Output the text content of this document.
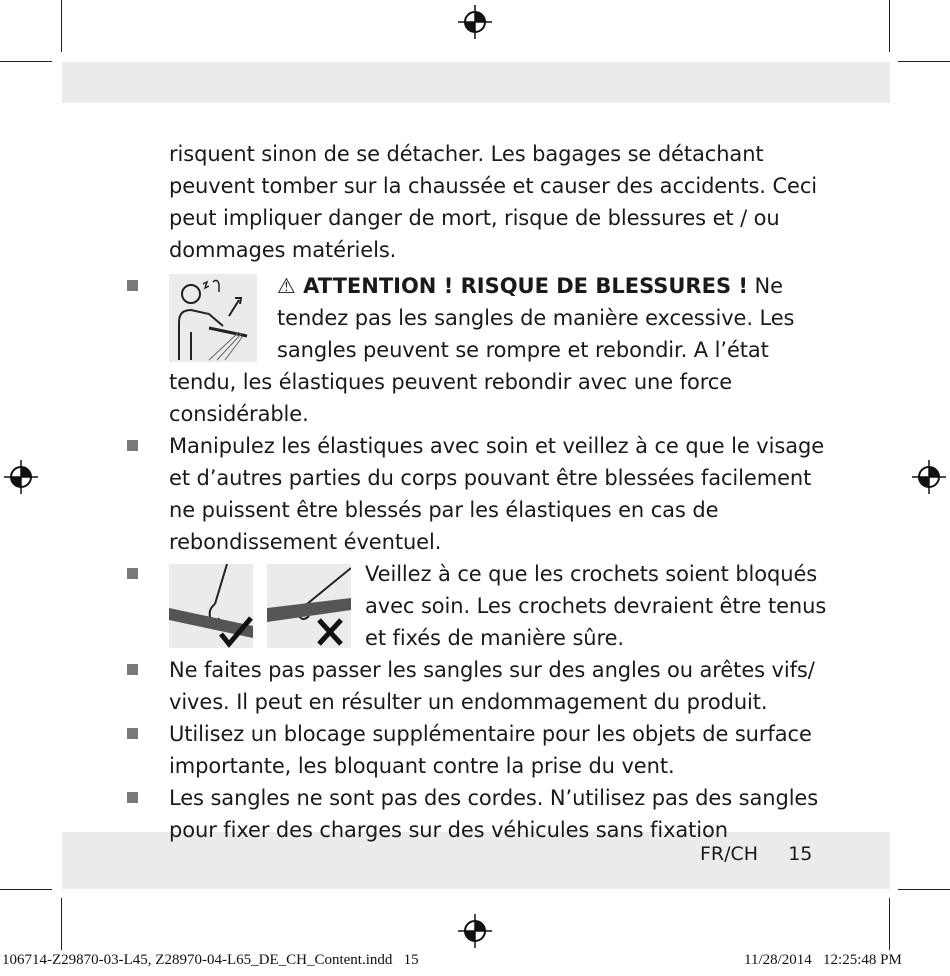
risquent sinon de se détacher. Les bagages se détachant peuvent tomber sur la chaussée et causer des accidents. Ceci peut impliquer danger de mort, risque de blessures et / ou dommages matériels.

⚠ ATTENTION ! RISQUE DE BLESSURES ! Ne tendez pas les sangles de manière excessive. Les sangles peuvent se rompre et rebondir. A l’état tendu, les élastiques peuvent rebondir avec une force considérable.

Manipulez les élastiques avec soin et veillez à ce que le visage et d’autres parties du corps pouvant être blessées facilement ne puissent être blessés par les élastiques en cas de rebondissement éventuel.

Veillez à ce que les crochets soient bloqués avec soin. Les crochets devraient être tenus et fixés de manière sûre.

Ne faites pas passer les sangles sur des angles ou arêtes vifs/ vives. Il peut en résulter un endommagement du produit.

Utilisez un blocage supplémentaire pour les objets de surface importante, les bloquant contre la prise du vent.

Les sangles ne sont pas des cordes. N’utilisez pas des sangles pour fixer des charges sur des véhicules sans fixation

FR/CH 15
106714-Z29870-03-L45, Z28970-04-L65_DE_CH_Content.indd   15	11/28/2014   12:25:48 PM
